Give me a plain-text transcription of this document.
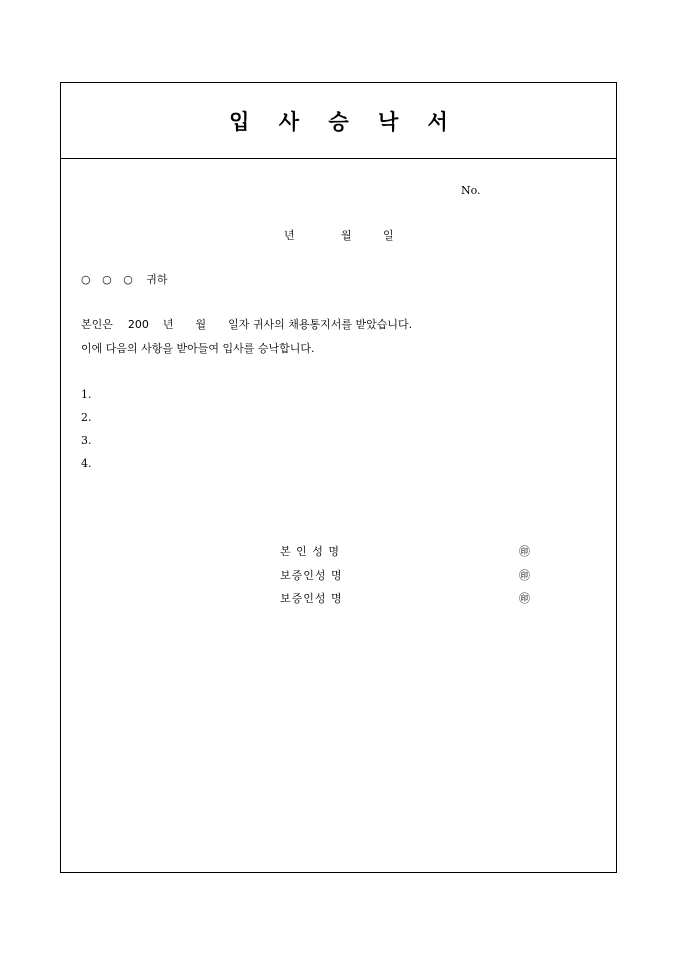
입 사 승 낙 서
No.
년	월	일
○ ○ ○ 귀하
본인은 200 년 월 일자 귀사의 채용통지서를 받았습니다.
이에 다음의 사항을 받아들여 입사를 승낙합니다.
1.
2.
3.
4.
본 인 성 명	㊞
보증인성 명	㊞
보증인성 명	㊞
